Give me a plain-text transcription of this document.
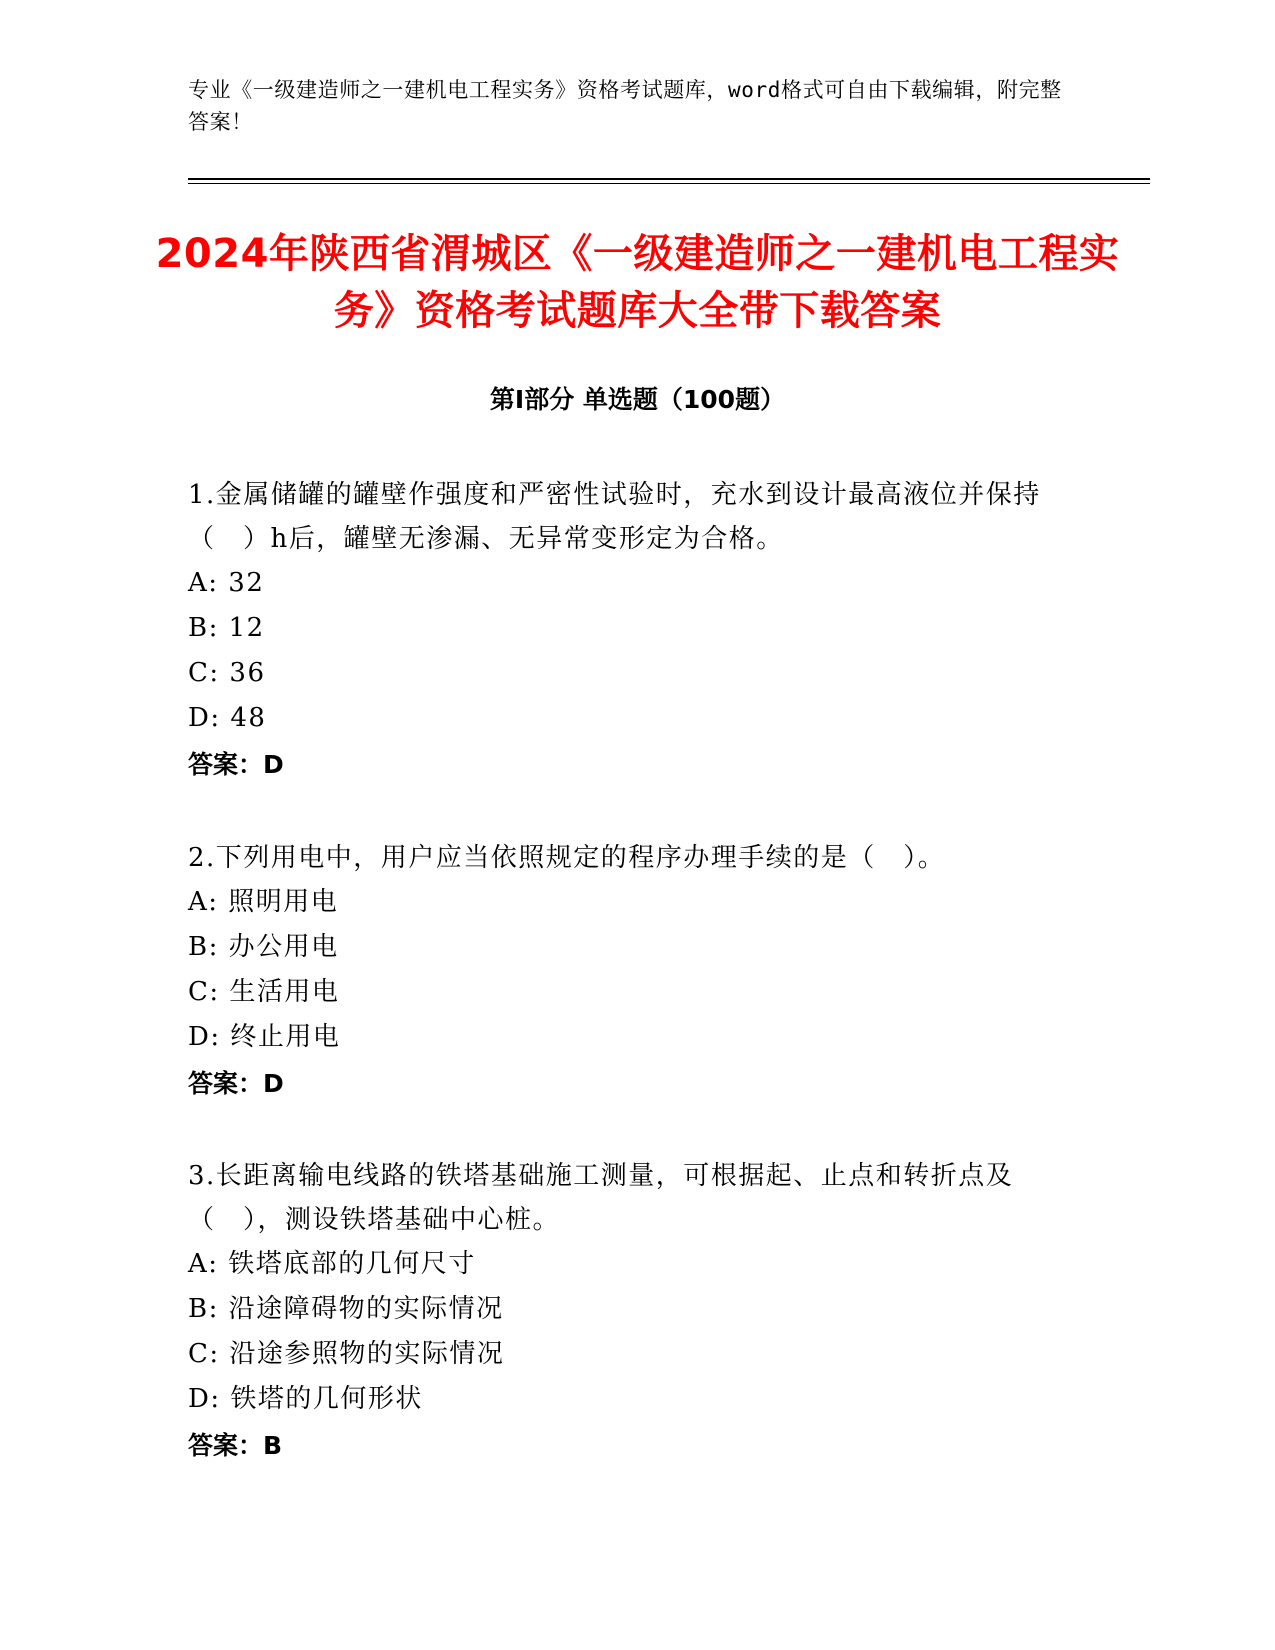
专业《一级建造师之一建机电工程实务》资格考试题库，word格式可自由下载编辑，附完整答案！
2024年陕西省渭城区《一级建造师之一建机电工程实务》资格考试题库大全带下载答案
第I部分 单选题（100题）
1.金属储罐的罐壁作强度和严密性试验时，充水到设计最高液位并保持（　）h后，罐壁无渗漏、无异常变形定为合格。
A: 32
B: 12
C: 36
D: 48
答案：D
2.下列用电中，用户应当依照规定的程序办理手续的是（　）。
A: 照明用电
B: 办公用电
C: 生活用电
D: 终止用电
答案：D
3.长距离输电线路的铁塔基础施工测量，可根据起、止点和转折点及（　），测设铁塔基础中心桩。
A: 铁塔底部的几何尺寸
B: 沿途障碍物的实际情况
C: 沿途参照物的实际情况
D: 铁塔的几何形状
答案：B
